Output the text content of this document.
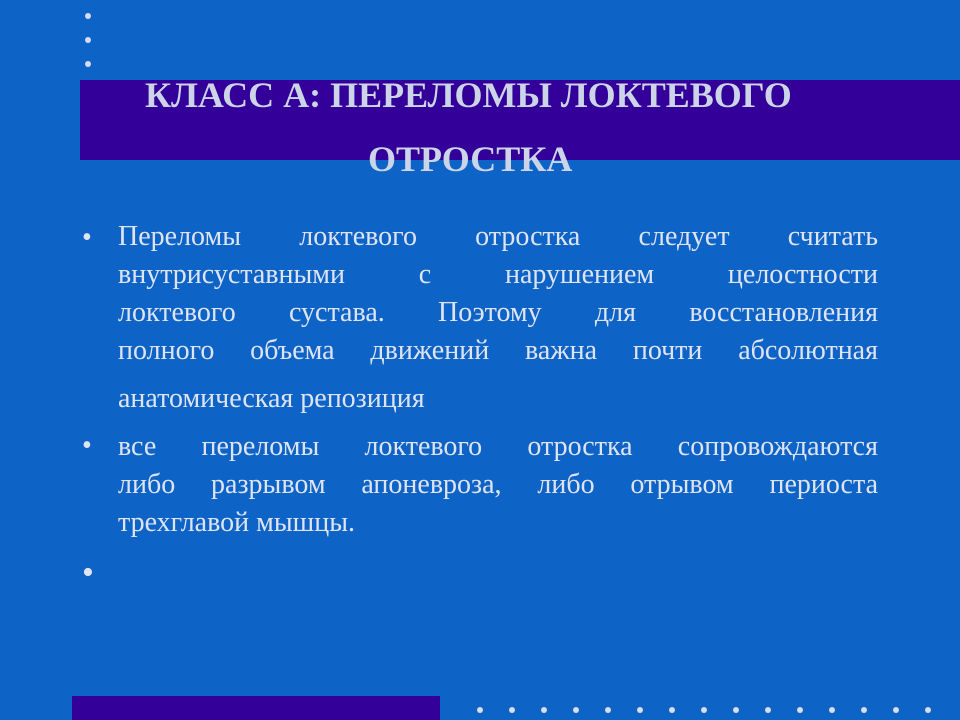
КЛАСС А: ПЕРЕЛОМЫ ЛОКТЕВОГО
ОТРОСТКА
• Переломы локтевого отростка следует считать
внутрисуставными с нарушением целостности
локтевого сустава. Поэтому для восстановления
полного объема движений важна почти абсолютная
анатомическая репозиция
• все переломы локтевого отростка сопровождаются
либо разрывом апоневроза, либо отрывом периоста
трехглавой мышцы.
•
